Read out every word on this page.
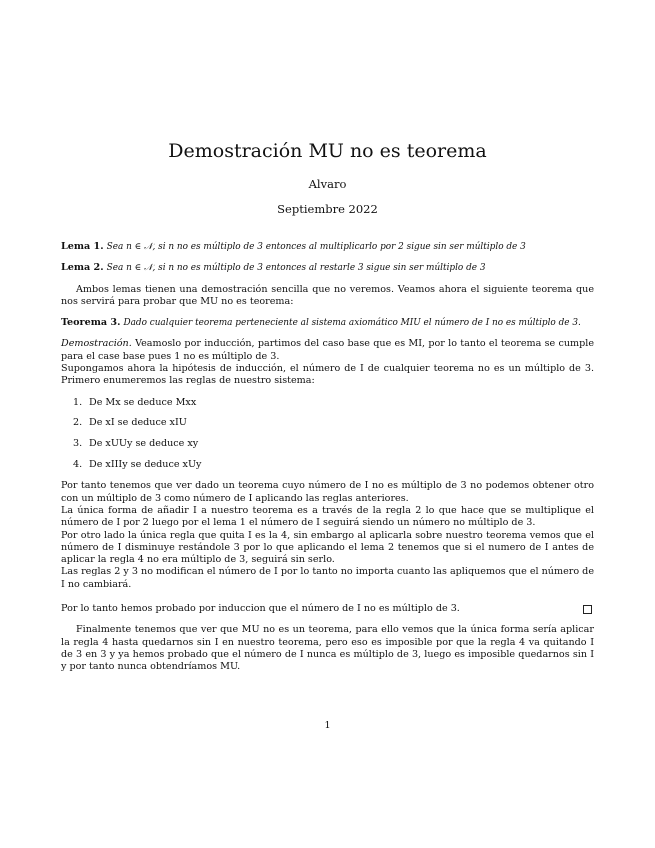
Demostración MU no es teorema
Alvaro
Septiembre 2022

Lema 1. Sea n ∈ 𝒩, si n no es múltiplo de 3 entonces al multiplicarlo por 2 sigue sin ser múltiplo de 3

Lema 2. Sea n ∈ 𝒩, si n no es múltiplo de 3 entonces al restarle 3 sigue sin ser múltiplo de 3

Ambos lemas tienen una demostración sencilla que no veremos. Veamos ahora el siguiente teorema que nos servirá para probar que MU no es teorema:

Teorema 3. Dado cualquier teorema perteneciente al sistema axiomático MIU el número de I no es múltiplo de 3.

Demostración. Veamoslo por inducción, partimos del caso base que es MI, por lo tanto el teorema se cumple para el case base pues 1 no es múltiplo de 3.

Supongamos ahora la hipótesis de inducción, el número de I de cualquier teorema no es un múltiplo de 3. Primero enumeremos las reglas de nuestro sistema:

1. De Mx se deduce Mxx
2. De xI se deduce xIU
3. De xUUy se deduce xy
4. De xIIIy se deduce xUy

Por tanto tenemos que ver dado un teorema cuyo número de I no es múltiplo de 3 no podemos obtener otro con un múltiplo de 3 como número de I aplicando las reglas anteriores.

La única forma de añadir I a nuestro teorema es a través de la regla 2 lo que hace que se multiplique el número de I por 2 luego por el lema 1 el número de I seguirá siendo un número no múltiplo de 3.

Por otro lado la única regla que quita I es la 4, sin embargo al aplicarla sobre nuestro teorema vemos que el número de I disminuye restándole 3 por lo que aplicando el lema 2 tenemos que si el numero de I antes de aplicar la regla 4 no era múltiplo de 3, seguirá sin serlo.

Las reglas 2 y 3 no modifican el número de I por lo tanto no importa cuanto las apliquemos que el número de I no cambiará.

Por lo tanto hemos probado por induccion que el número de I no es múltiplo de 3.

Finalmente tenemos que ver que MU no es un teorema, para ello vemos que la única forma sería aplicar la regla 4 hasta quedarnos sin I en nuestro teorema, pero eso es imposible por que la regla 4 va quitando I de 3 en 3 y ya hemos probado que el número de I nunca es múltiplo de 3, luego es imposible quedarnos sin I y por tanto nunca obtendríamos MU.

1
